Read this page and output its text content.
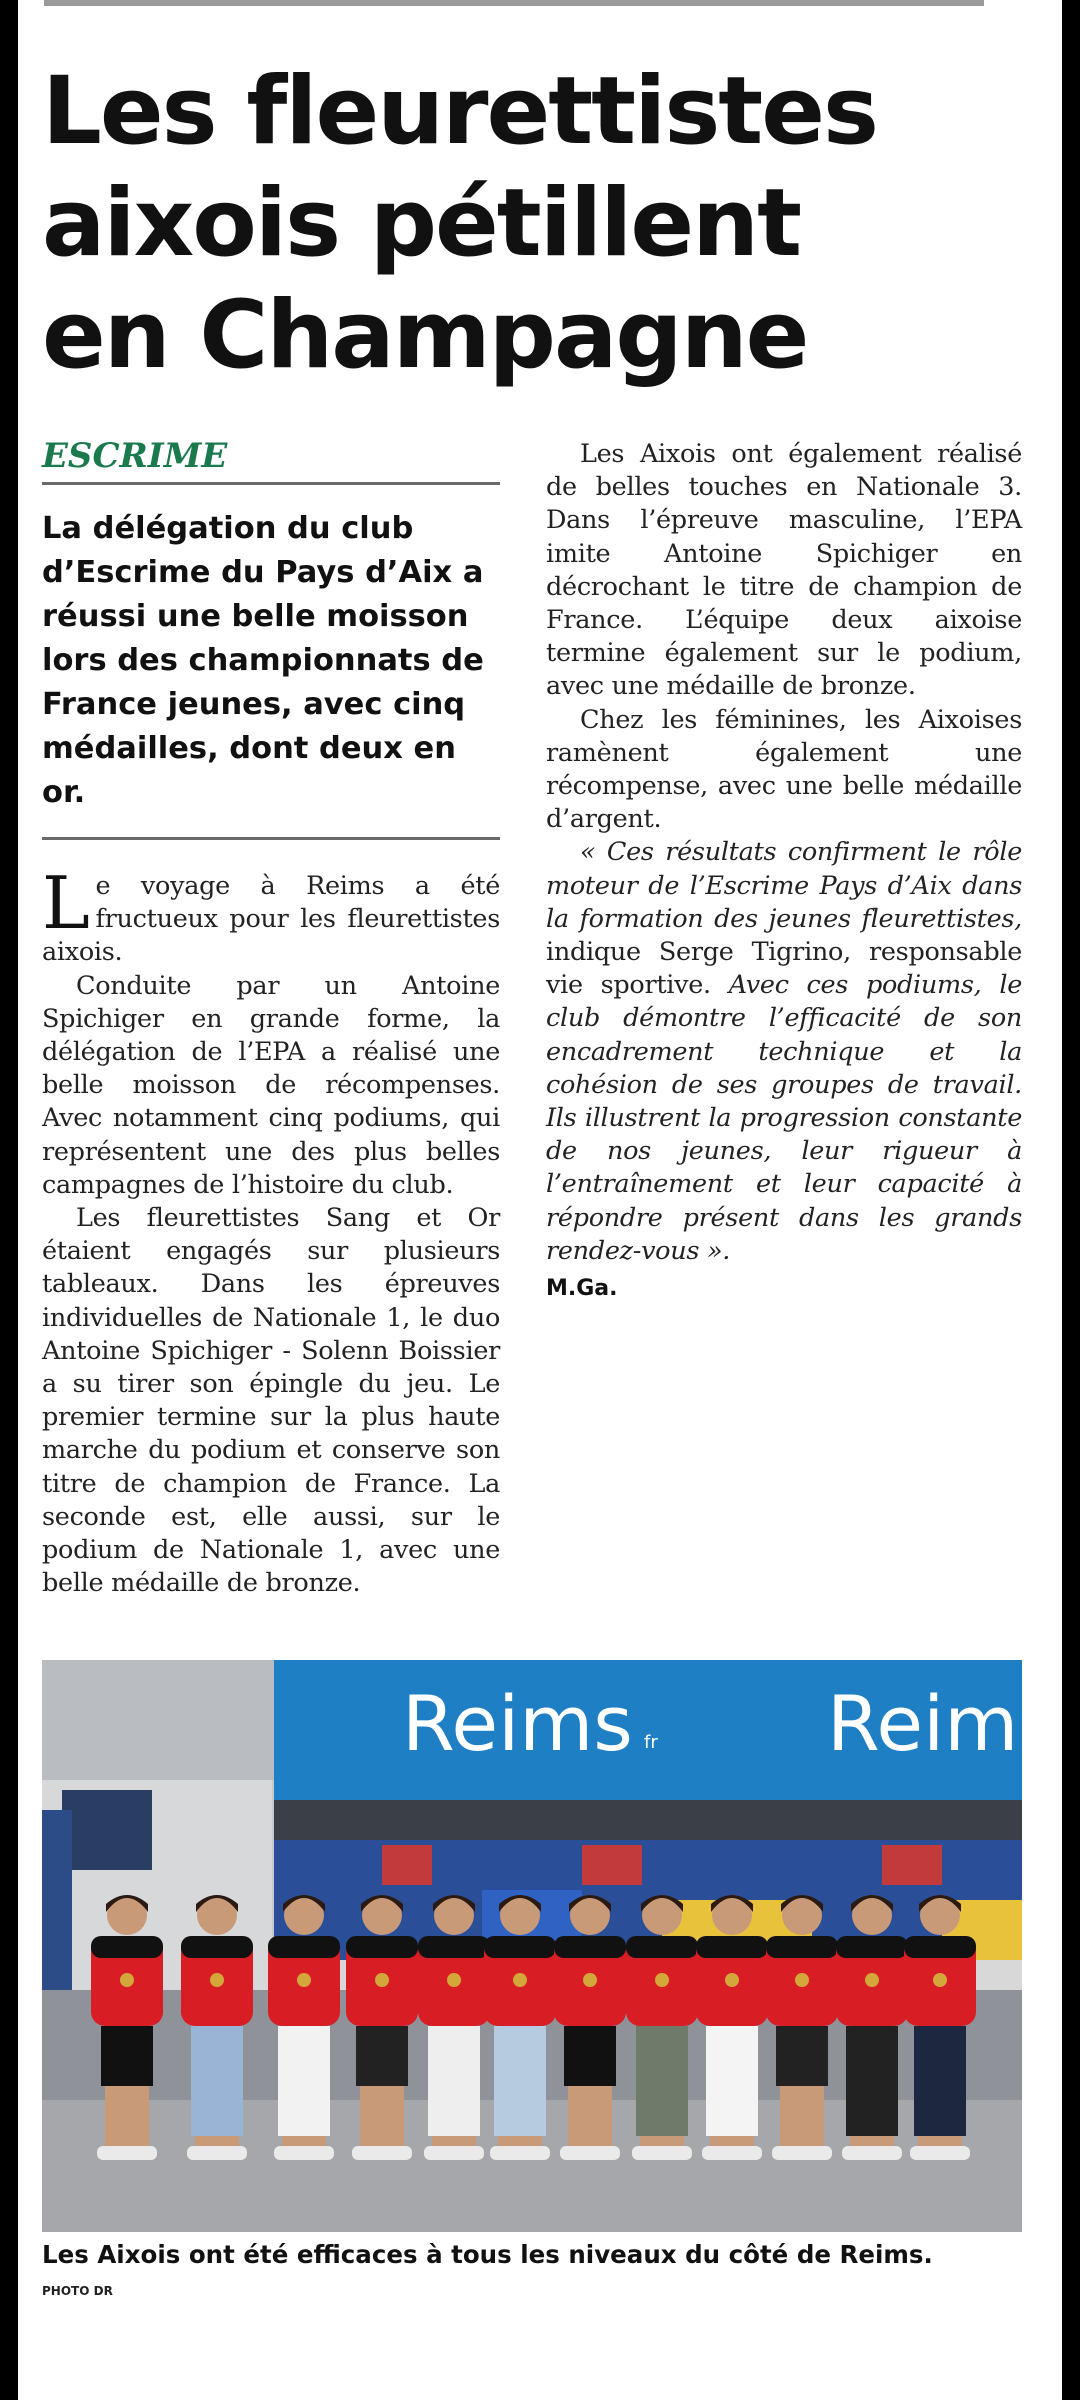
Les fleurettistes
aixois pétillent
en Champagne
ESCRIME
La délégation du club d’Escrime du Pays d’Aix a réussi une belle moisson lors des championnats de France jeunes, avec cinq médailles, dont deux en or.

Le voyage à Reims a été fructueux pour les fleurettistes aixois.

Conduite par un Antoine Spichiger en grande forme, la délégation de l’EPA a réalisé une belle moisson de récompenses. Avec notamment cinq podiums, qui représentent une des plus belles campagnes de l’histoire du club.

Les fleurettistes Sang et Or étaient engagés sur plusieurs tableaux. Dans les épreuves individuelles de Nationale 1, le duo Antoine Spichiger - Solenn Boissier a su tirer son épingle du jeu. Le premier termine sur la plus haute marche du podium et conserve son titre de champion de France. La seconde est, elle aussi, sur le podium de Nationale 1, avec une belle médaille de bronze.

Les Aixois ont également réalisé de belles touches en Nationale 3. Dans l’épreuve masculine, l’EPA imite Antoine Spichiger en décrochant le titre de champion de France. L’équipe deux aixoise termine également sur le podium, avec une médaille de bronze.

Chez les féminines, les Aixoises ramènent également une récompense, avec une belle médaille d’argent.

« Ces résultats confirment le rôle moteur de l’Escrime Pays d’Aix dans la formation des jeunes fleurettistes, indique Serge Tigrino, responsable vie sportive. Avec ces podiums, le club démontre l’efficacité de son encadrement technique et la cohésion de ses groupes de travail. Ils illustrent la progression constante de nos jeunes, leur rigueur à l’entraînement et leur capacité à répondre présent dans les grands rendez-vous ».

M.Ga.
Reims fr Reim
Les Aixois ont été efficaces à tous les niveaux du côté de Reims.
PHOTO DR
